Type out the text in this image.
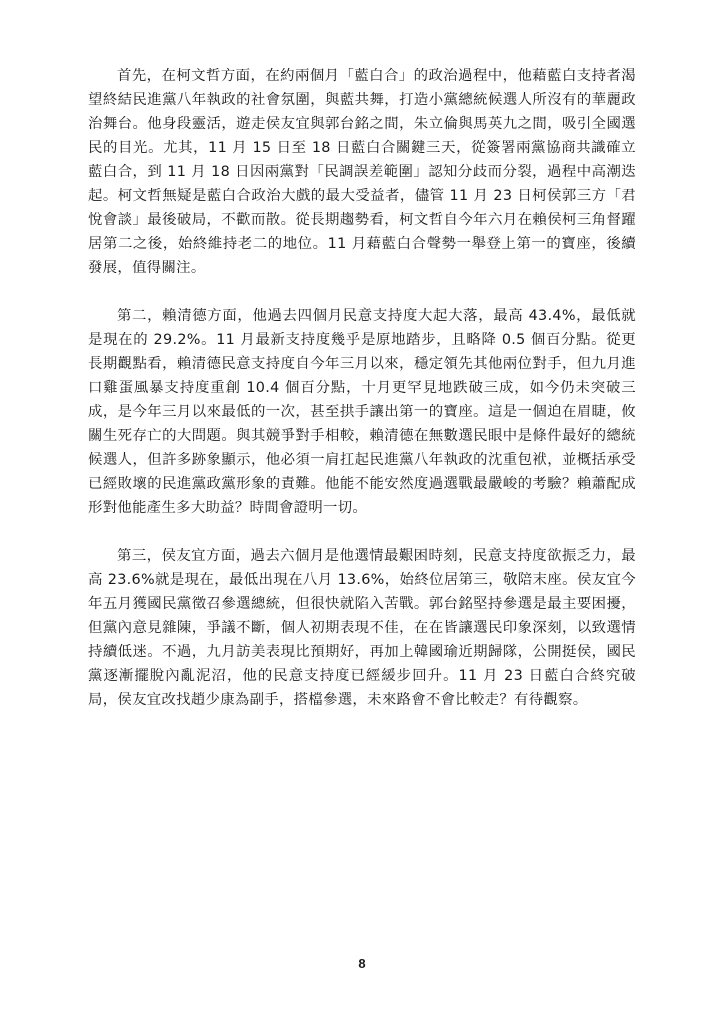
首先，在柯文哲方面，在約兩個月「藍白合」的政治過程中，他藉藍白支持者渴望終結民進黨八年執政的社會氛圍，與藍共舞，打造小黨總統候選人所沒有的華麗政治舞台。他身段靈活，遊走侯友宜與郭台銘之間，朱立倫與馬英九之間，吸引全國選民的目光。尤其，11 月 15 日至 18 日藍白合關鍵三天，從簽署兩黨協商共識確立藍白合，到 11 月 18 日因兩黨對「民調誤差範圍」認知分歧而分裂，過程中高潮迭起。柯文哲無疑是藍白合政治大戲的最大受益者，儘管 11 月 23 日柯侯郭三方「君悅會談」最後破局，不歡而散。從長期趨勢看，柯文哲自今年六月在賴侯柯三角督躍居第二之後，始終維持老二的地位。11 月藉藍白合聲勢一舉登上第一的寶座，後續發展，值得關注。

第二，賴清德方面，他過去四個月民意支持度大起大落，最高 43.4%，最低就是現在的 29.2%。11 月最新支持度幾乎是原地踏步，且略降 0.5 個百分點。從更長期觀點看，賴清德民意支持度自今年三月以來，穩定領先其他兩位對手，但九月進口雞蛋風暴支持度重創 10.4 個百分點，十月更罕見地跌破三成，如今仍未突破三成，是今年三月以來最低的一次，甚至拱手讓出第一的寶座。這是一個迫在眉睫，攸關生死存亡的大問題。與其競爭對手相較，賴清德在無數選民眼中是條件最好的總統候選人，但許多跡象顯示，他必須一肩扛起民進黨八年執政的沈重包袱，並概括承受已經敗壞的民進黨政黨形象的責難。他能不能安然度過選戰最嚴峻的考驗？賴蕭配成形對他能產生多大助益？時間會證明一切。

第三，侯友宜方面，過去六個月是他選情最艱困時刻，民意支持度欲振乏力，最高 23.6%就是現在，最低出現在八月 13.6%，始終位居第三，敬陪末座。侯友宜今年五月獲國民黨徵召參選總統，但很快就陷入苦戰。郭台銘堅持參選是最主要困擾，但黨內意見雜陳，爭議不斷，個人初期表現不佳，在在皆讓選民印象深刻，以致選情持續低迷。不過，九月訪美表現比預期好，再加上韓國瑜近期歸隊，公開挺侯，國民黨逐漸擺脫內亂泥沼，他的民意支持度已經緩步回升。11 月 23 日藍白合終究破局，侯友宜改找趙少康為副手，搭檔參選，未來路會不會比較走？有待觀察。

8
